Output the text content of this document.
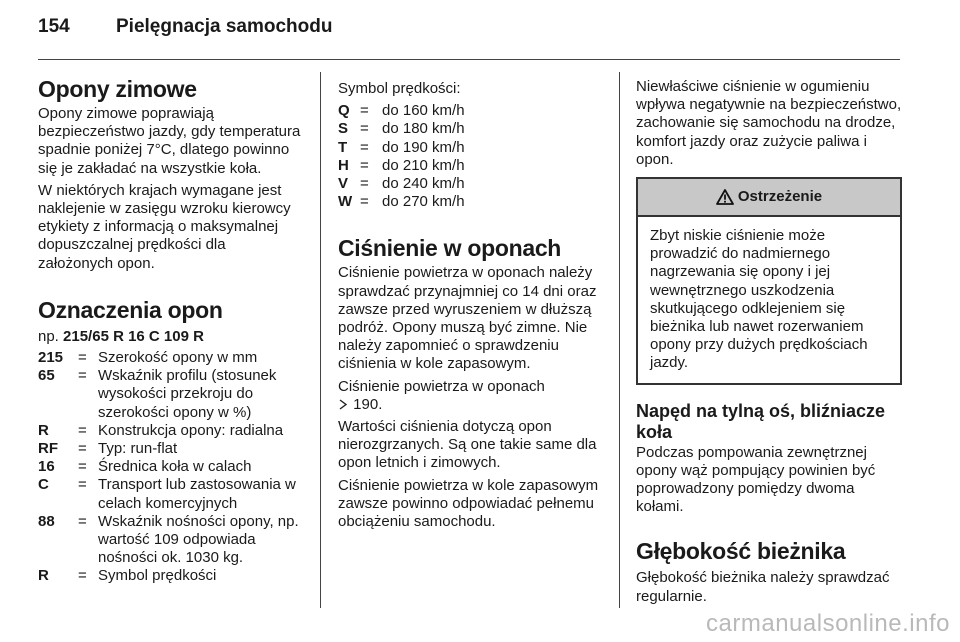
154 Pielęgnacja samochodu
Opony zimowe

Opony zimowe poprawiają bezpieczeństwo jazdy, gdy temperatura spadnie poniżej 7°C, dlatego powinno się je zakładać na wszystkie koła.

W niektórych krajach wymagane jest naklejenie w zasięgu wzroku kierowcy etykiety z informacją o maksymalnej dopuszczalnej prędkości dla założonych opon.

Oznaczenia opon

np. 215/65 R 16 C 109 R

215 = Szerokość opony w mm
65	= Wskaźnik profilu (stosunek wysokości przekroju do szerokości opony w %)
R	= Konstrukcja opony: radialna
RF	= Typ: run-flat
16	= Średnica koła w calach
C	= Transport lub zastosowania w celach komercyjnych
88	= Wskaźnik nośności opony, np. wartość 109 odpowiada nośności ok. 1030 kg.
R	= Symbol prędkości

Symbol prędkości:

Q = do 160 km/h
S = do 180 km/h
T = do 190 km/h
H = do 210 km/h
V = do 240 km/h
W = do 270 km/h
Ciśnienie w oponach

Ciśnienie powietrza w oponach należy sprawdzać przynajmniej co 14 dni oraz zawsze przed wyruszeniem w dłuższą podróż. Opony muszą być zimne. Nie należy zapomnieć o sprawdzeniu ciśnienia w kole zapasowym.

Ciśnienie powietrza w oponach
190.

Wartości ciśnienia dotyczą opon nierozgrzanych. Są one takie same dla opon letnich i zimowych.

Ciśnienie powietrza w kole zapasowym zawsze powinno odpowiadać pełnemu obciążeniu samochodu.

Niewłaściwe ciśnienie w ogumieniu wpływa negatywnie na bezpieczeństwo, zachowanie się samochodu na drodze, komfort jazdy oraz zużycie paliwa i opon.

Ostrzeżenie
Zbyt niskie ciśnienie może prowadzić do nadmiernego nagrzewania się opony i jej wewnętrznego uszkodzenia skutkującego odklejeniem się bieżnika lub nawet rozerwaniem opony przy dużych prędkościach jazdy.
Napęd na tylną oś, bliźniacze koła

Podczas pompowania zewnętrznej opony wąż pompujący powinien być poprowadzony pomiędzy dwoma kołami.

Głębokość bieżnika

Głębokość bieżnika należy sprawdzać regularnie.

carmanualsonline.info
